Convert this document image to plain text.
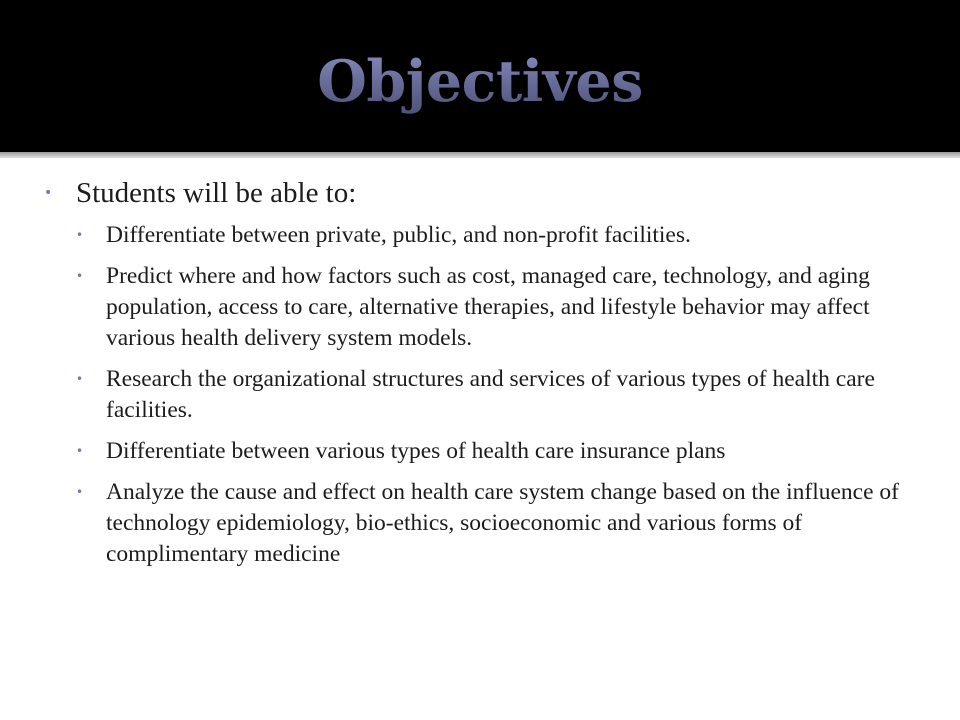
Objectives
• Students will be able to:
• Differentiate between private, public, and non-profit facilities.
• Predict where and how factors such as cost, managed care, technology, and aging population, access to care, alternative therapies, and lifestyle behavior may affect various health delivery system models.
• Research the organizational structures and services of various types of health care facilities.
• Differentiate between various types of health care insurance plans
• Analyze the cause and effect on health care system change based on the influence of technology epidemiology, bio-ethics, socioeconomic and various forms of complimentary medicine
